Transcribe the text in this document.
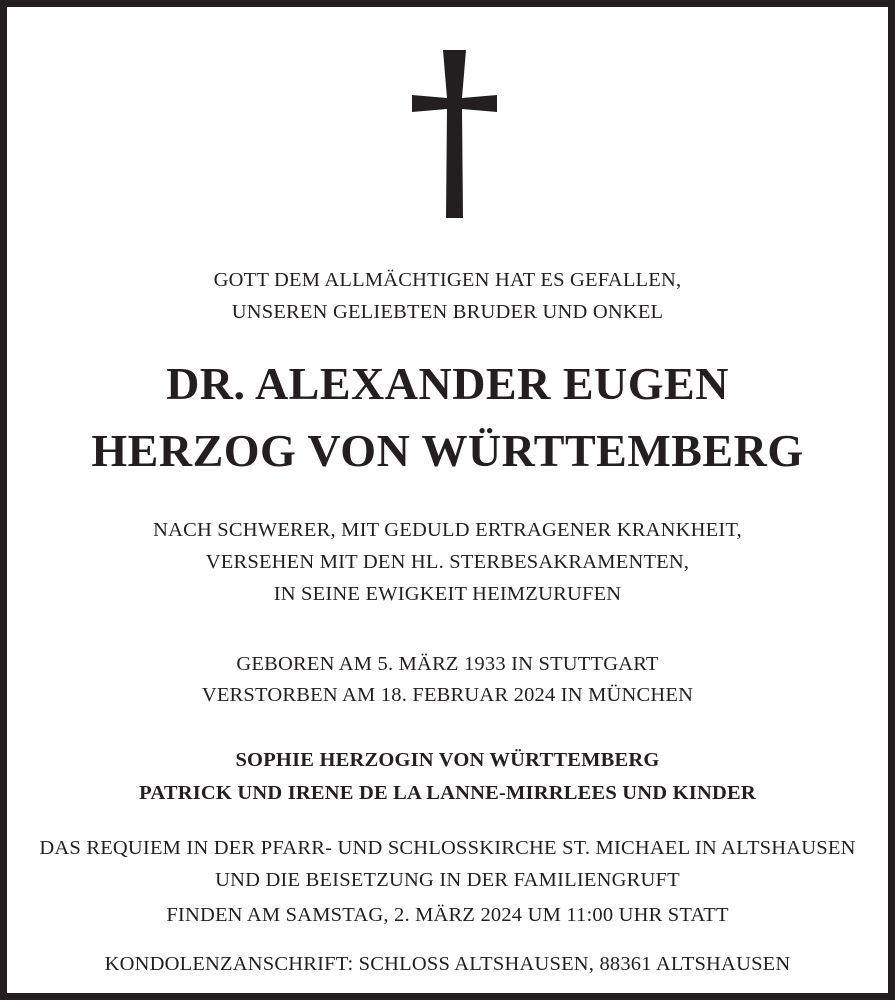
GOTT DEM ALLMÄCHTIGEN HAT ES GEFALLEN,
UNSEREN GELIEBTEN BRUDER UND ONKEL
DR. ALEXANDER EUGEN
HERZOG VON WÜRTTEMBERG
NACH SCHWERER, MIT GEDULD ERTRAGENER KRANKHEIT,
VERSEHEN MIT DEN HL. STERBESAKRAMENTEN,
IN SEINE EWIGKEIT HEIMZURUFEN
GEBOREN AM 5. MÄRZ 1933 IN STUTTGART
VERSTORBEN AM 18. FEBRUAR 2024 IN MÜNCHEN
SOPHIE HERZOGIN VON WÜRTTEMBERG
PATRICK UND IRENE DE LA LANNE-MIRRLEES UND KINDER
DAS REQUIEM IN DER PFARR- UND SCHLOSSKIRCHE ST. MICHAEL IN ALTSHAUSEN
UND DIE BEISETZUNG IN DER FAMILIENGRUFT
FINDEN AM SAMSTAG, 2. MÄRZ 2024 UM 11:00 UHR STATT
KONDOLENZANSCHRIFT: SCHLOSS ALTSHAUSEN, 88361 ALTSHAUSEN
